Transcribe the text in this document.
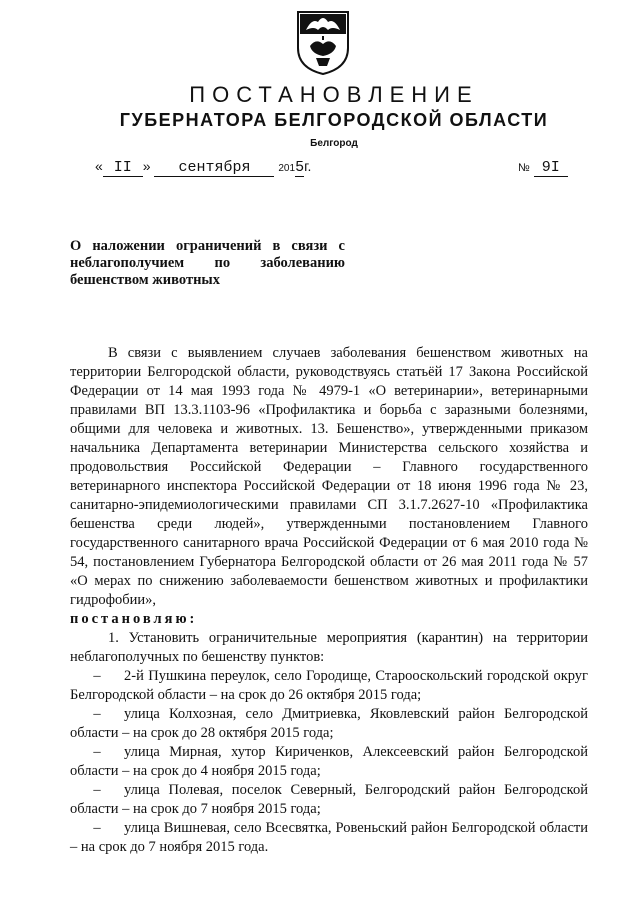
ПОСТАНОВЛЕНИЕ
ГУБЕРНАТОРА БЕЛГОРОДСКОЙ ОБЛАСТИ
Белгород
« II » сентября	2015г.	№ 9I
О наложении ограничений в связи с
неблагополучием по заболеванию
бешенством животных

В связи с выявлением случаев заболевания бешенством животных на территории Белгородской области, руководствуясь статьёй 17 Закона Российской Федерации от 14 мая 1993 года № 4979-1 «О ветеринарии», ветеринарными правилами ВП 13.3.1103-96 «Профилактика и борьба с заразными болезнями, общими для человека и животных. 13. Бешенство», утвержденными приказом начальника Департамента ветеринарии Министерства сельского хозяйства и продовольствия Российской Федерации – Главного государственного ветеринарного инспектора Российской Федерации от 18 июня 1996 года № 23, санитарно-эпидемиологическими правилами СП 3.1.7.2627-10 «Профилактика бешенства среди людей», утвержденными постановлением Главного государственного санитарного врача Российской Федерации от 6 мая 2010 года № 54, постановлением Губернатора Белгородской области от 26 мая 2011 года № 57 «О мерах по снижению заболеваемости бешенством животных и профилактики гидрофобии»,

постановляю:

1. Установить ограничительные мероприятия (карантин) на территории неблагополучных по бешенству пунктов:

– 2-й Пушкина переулок, село Городище, Старооскольский городской округ Белгородской области – на срок до 26 октября 2015 года;

– улица Колхозная, село Дмитриевка, Яковлевский район Белгородской области – на срок до 28 октября 2015 года;

– улица Мирная, хутор Кириченков, Алексеевский район Белгородской области – на срок до 4 ноября 2015 года;

– улица Полевая, поселок Северный, Белгородский район Белгородской области – на срок до 7 ноября 2015 года;

– улица Вишневая, село Всесвятка, Ровеньский район Белгородской области – на срок до 7 ноября 2015 года.
